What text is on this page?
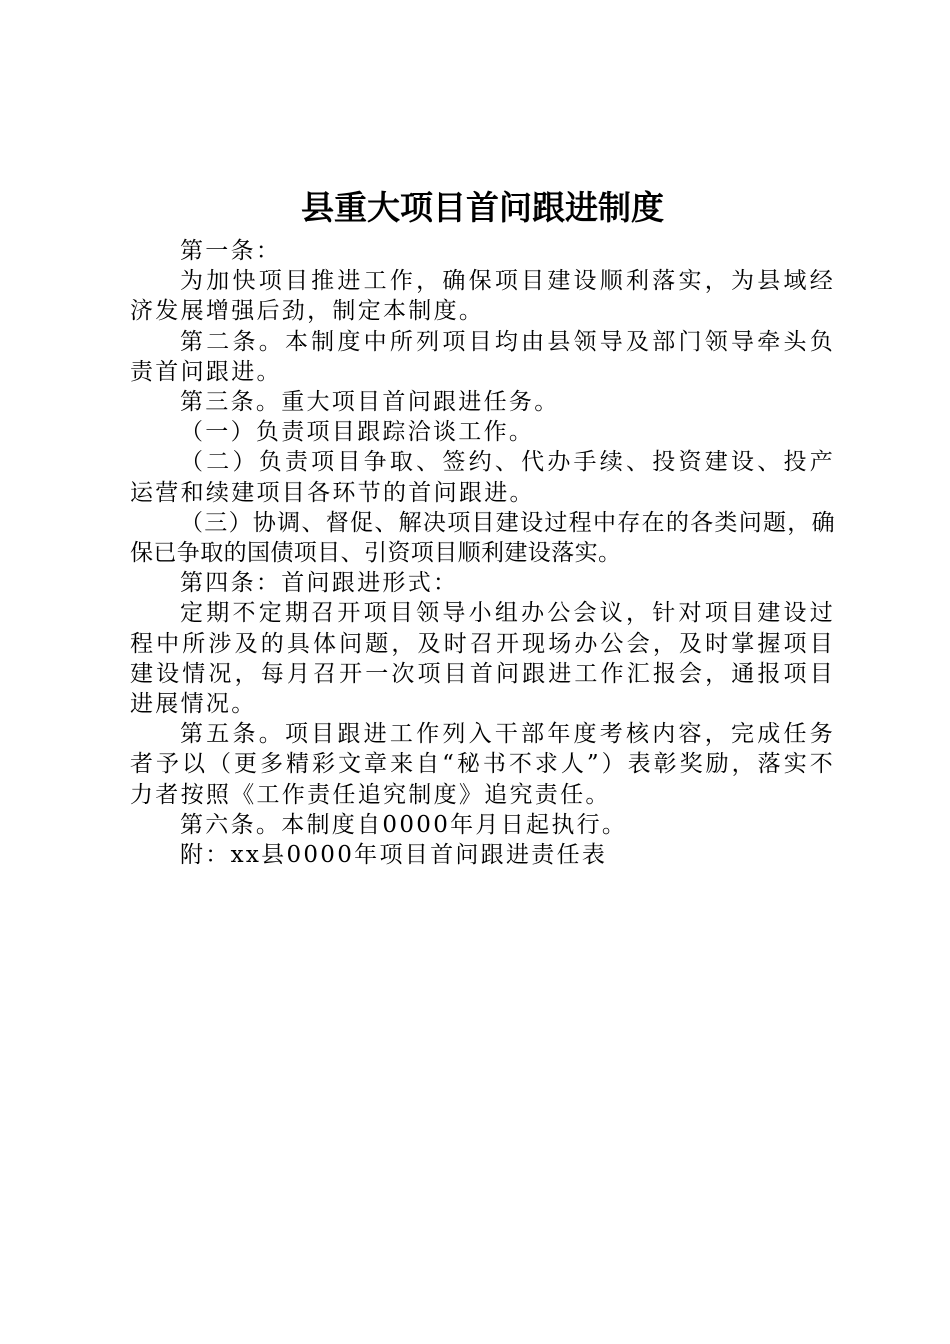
县重大项目首问跟进制度

第一条：

为加快项目推进工作，确保项目建设顺利落实，为县域经济发展增强后劲，制定本制度。

第二条。本制度中所列项目均由县领导及部门领导牵头负责首问跟进。

第三条。重大项目首问跟进任务。

（一）负责项目跟踪洽谈工作。

（二）负责项目争取、签约、代办手续、投资建设、投产运营和续建项目各环节的首问跟进。

（三）协调、督促、解决项目建设过程中存在的各类问题，确保已争取的国债项目、引资项目顺利建设落实。

第四条：首问跟进形式：

定期不定期召开项目领导小组办公会议，针对项目建设过程中所涉及的具体问题，及时召开现场办公会，及时掌握项目建设情况，每月召开一次项目首问跟进工作汇报会，通报项目进展情况。

第五条。项目跟进工作列入干部年度考核内容，完成任务者予以（更多精彩文章来自“秘书不求人”）表彰奖励，落实不力者按照《工作责任追究制度》追究责任。

第六条。本制度自0000年月日起执行。

附：xx县0000年项目首问跟进责任表
